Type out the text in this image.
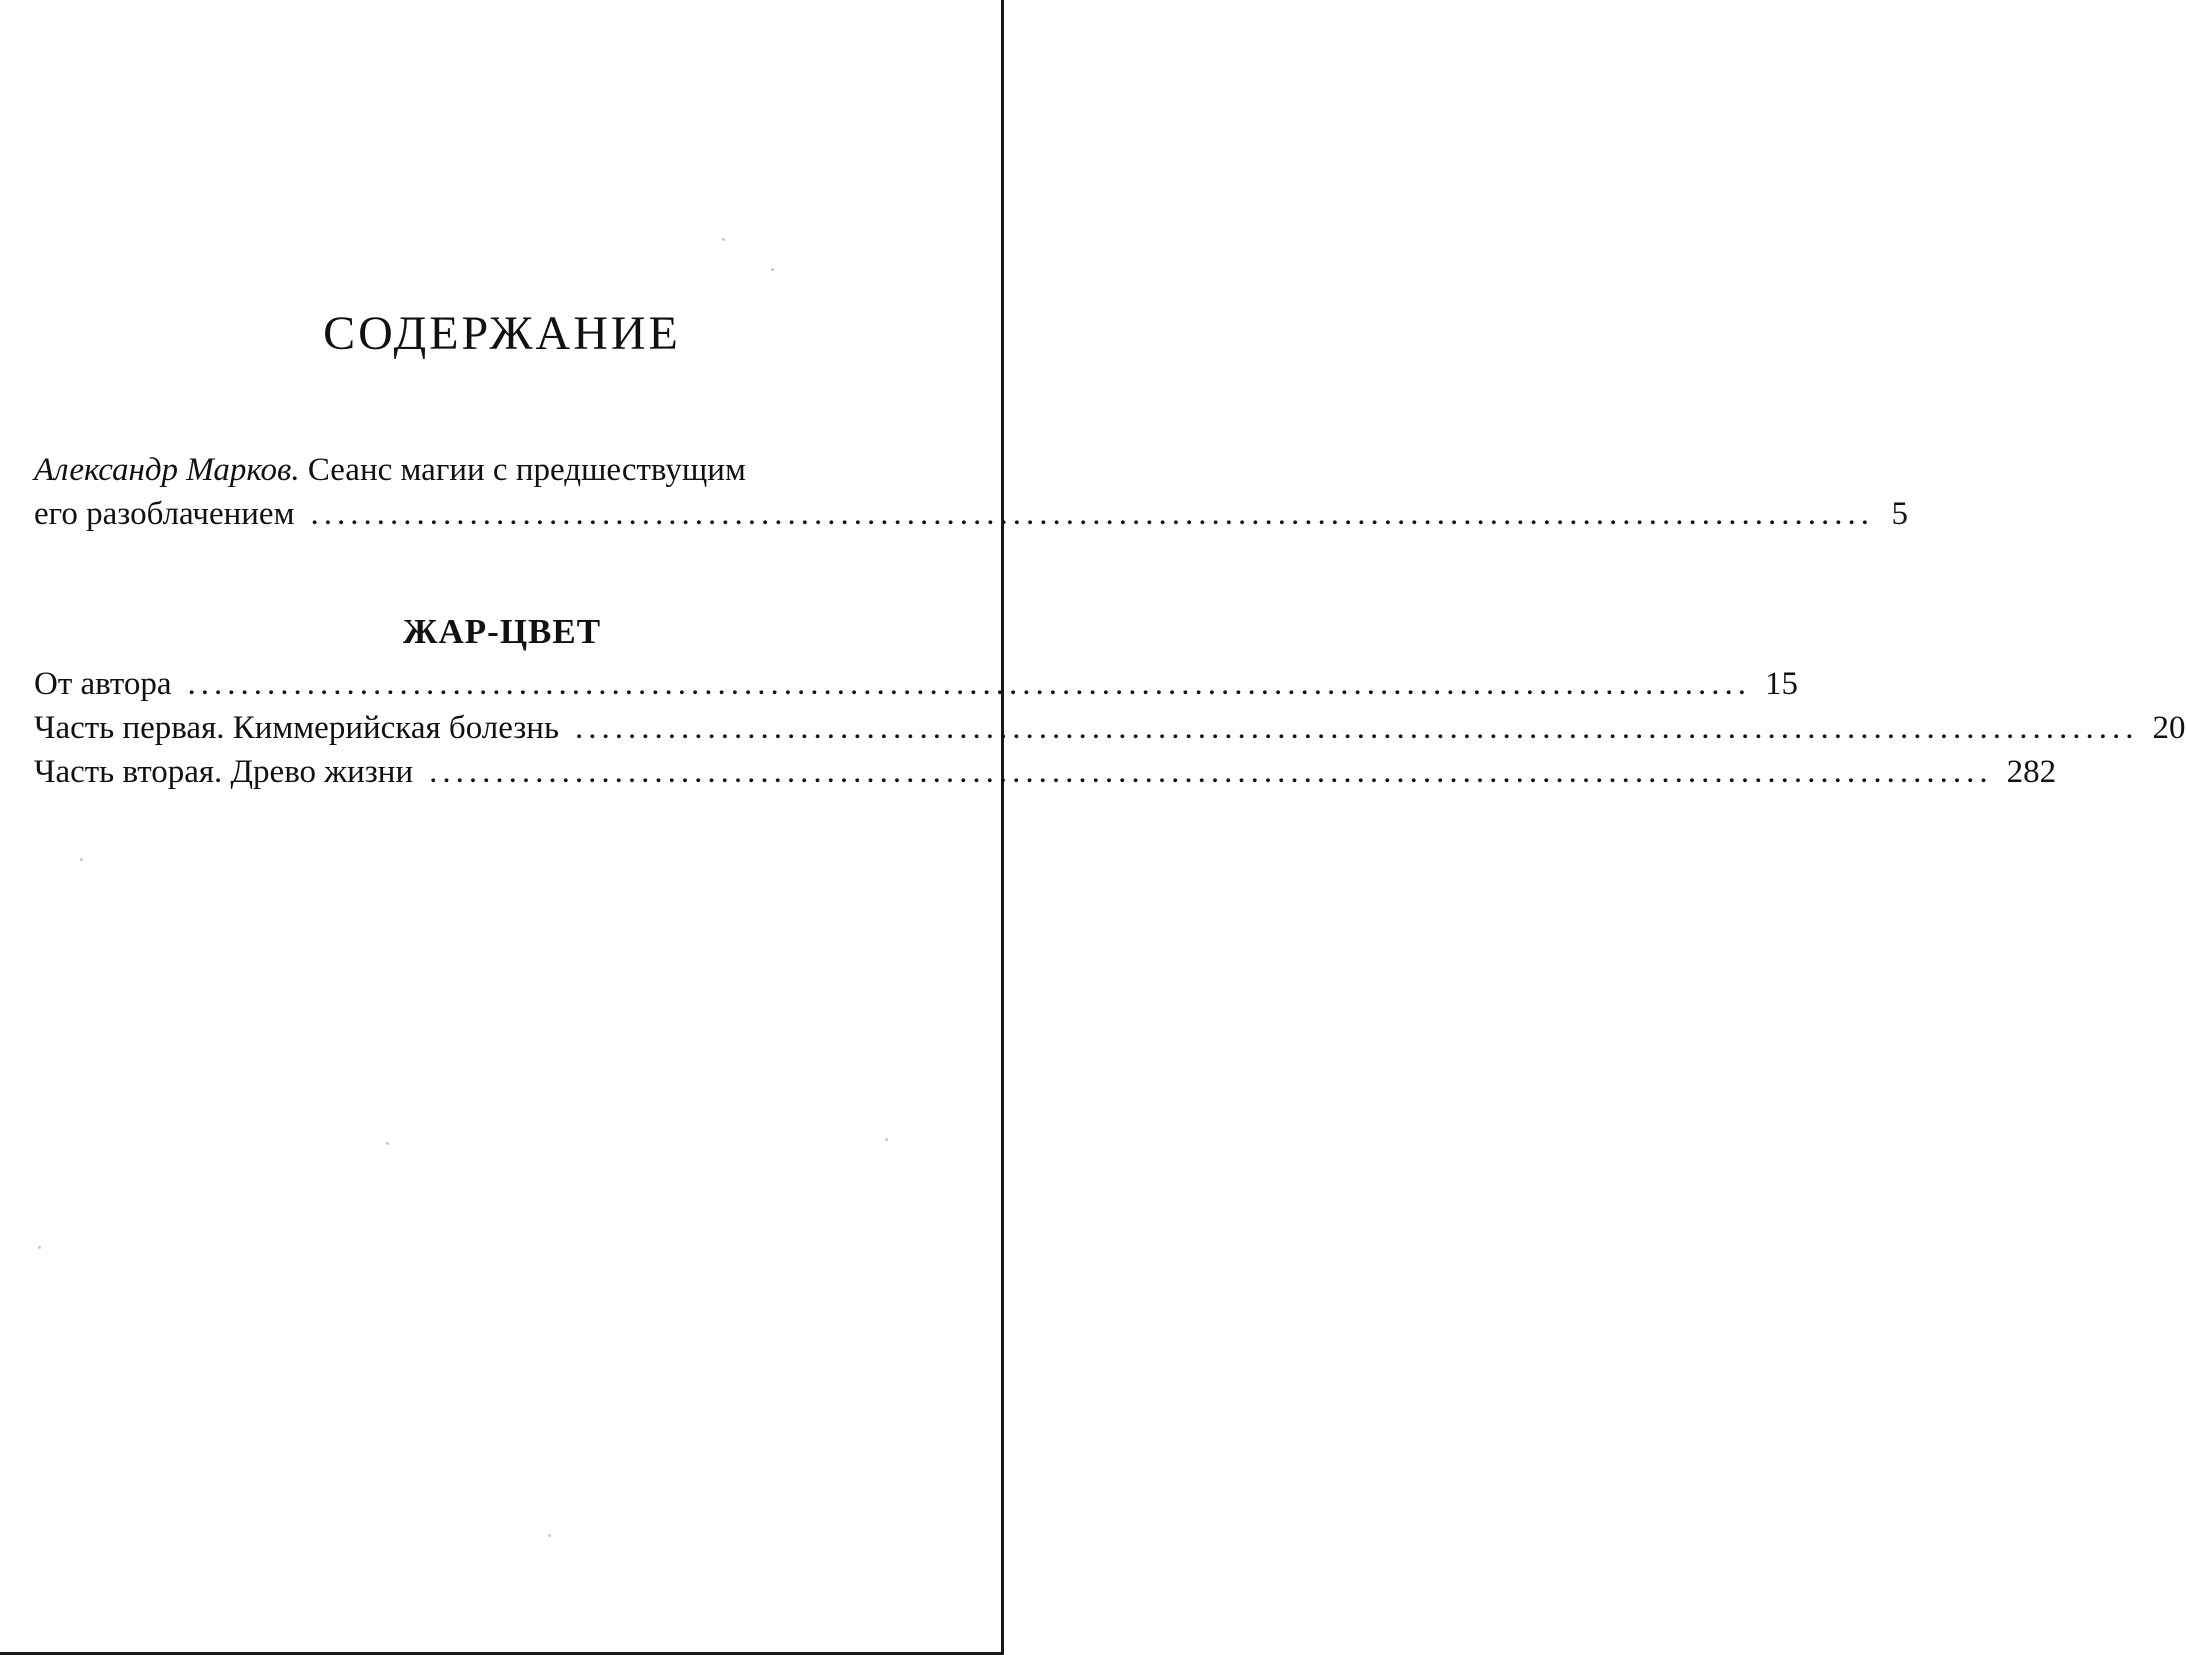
СОДЕРЖАНИЕ
Александр Марков. Сеанс магии с предшествущим
его разоблачением ...................................................................................................................... 5
ЖАР-ЦВЕТ
От автора ...................................................................................................................... 15
Часть первая. Киммерийская болезнь ...................................................................................................................... 20
Часть вторая. Древо жизни ...................................................................................................................... 282
